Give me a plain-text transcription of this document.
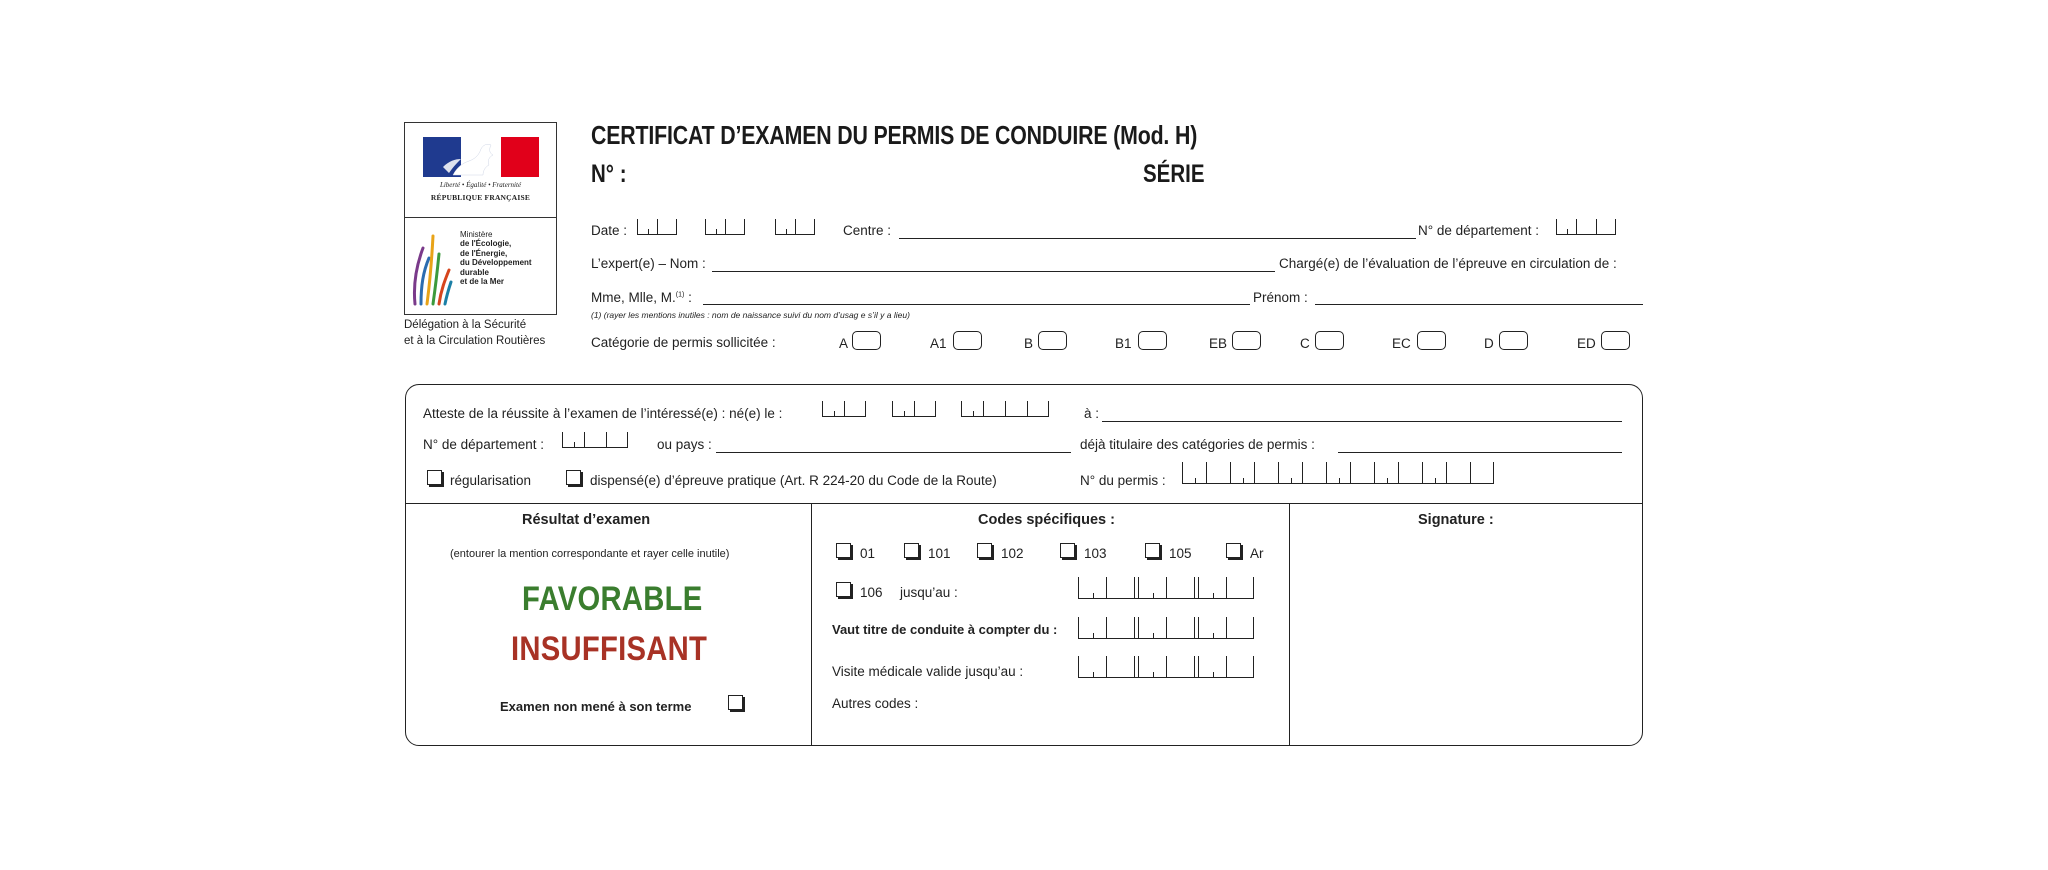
Liberté • Égalité • Fraternité
RÉPUBLIQUE FRANÇAISE
Ministère
de l'Écologie,
de l'Énergie,
du Développement
durable
et de la Mer
Délégation à la Sécurité
et à la Circulation Routières
CERTIFICAT D’EXAMEN DU PERMIS DE CONDUIRE (Mod. H)
N° :	SÉRIE
Date :	Centre :	N° de département :
L’expert(e) – Nom :	Chargé(e) de l’évaluation de l’épreuve en circulation de :
Mme, Mlle, M.$^{(1)}$ :	Prénom :
(1) (rayer les mentions inutiles : nom de naissance suivi du nom d’usag e s’il y a lieu)
Catégorie de permis sollicitée :	A	A1	B	B1	EB	C	EC	D	ED
Atteste de la réussite à l’examen de l’intéressé(e) : né(e) le :	à :
N° de département :	ou pays :	déjà titulaire des catégories de permis :
régularisation	dispensé(e) d’épreuve pratique (Art. R 224-20 du Code de la Route)	N° du permis :
Résultat d’examen
(entourer la mention correspondante et rayer celle inutile)
FAVORABLE
INSUFFISANT
Examen non mené à son terme
Codes spécifiques :
01	101	102	103	105	Ar
106 jusqu’au :
Vaut titre de conduite à compter du :
Visite médicale valide jusqu’au :
Autres codes :
Signature :
